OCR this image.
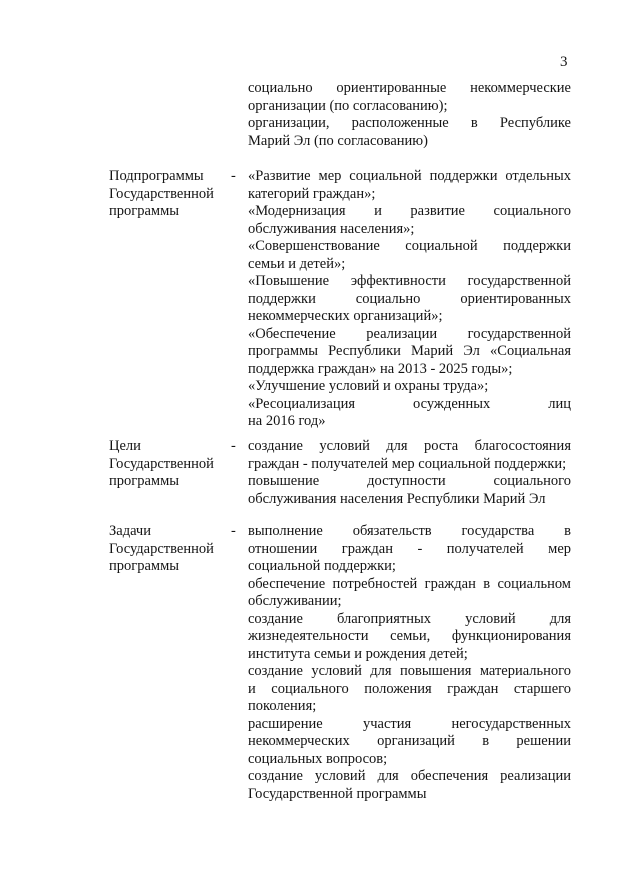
3

социально ориентированные некоммерческие
организации (по согласованию);

организации, расположенные в Республике
Марий Эл (по согласованию)

Подпрограммы
Государственной
программы
- «Развитие мер социальной поддержки отдельных
категорий граждан»;

«Модернизация и развитие социального
обслуживания населения»;

«Совершенствование социальной поддержки
семьи и детей»;

«Повышение эффективности государственной
поддержки социально ориентированных
некоммерческих организаций»;

«Обеспечение реализации государственной
программы Республики Марий Эл «Социальная
поддержка граждан» на 2013 - 2025 годы»;

«Улучшение условий и охраны труда»;

«Ресоциализация осужденных лиц
на 2016 год»

Цели
Государственной
программы
- создание условий для роста благосостояния
граждан - получателей мер социальной поддержки;

повышение доступности социального
обслуживания населения Республики Марий Эл

Задачи
Государственной
программы
- выполнение обязательств государства в
отношении граждан - получателей мер
социальной поддержки;

обеспечение потребностей граждан в социальном
обслуживании;

создание благоприятных условий для
жизнедеятельности семьи, функционирования
института семьи и рождения детей;

создание условий для повышения материального
и социального положения граждан старшего
поколения;

расширение участия негосударственных
некоммерческих организаций в решении
социальных вопросов;

создание условий для обеспечения реализации
Государственной программы
